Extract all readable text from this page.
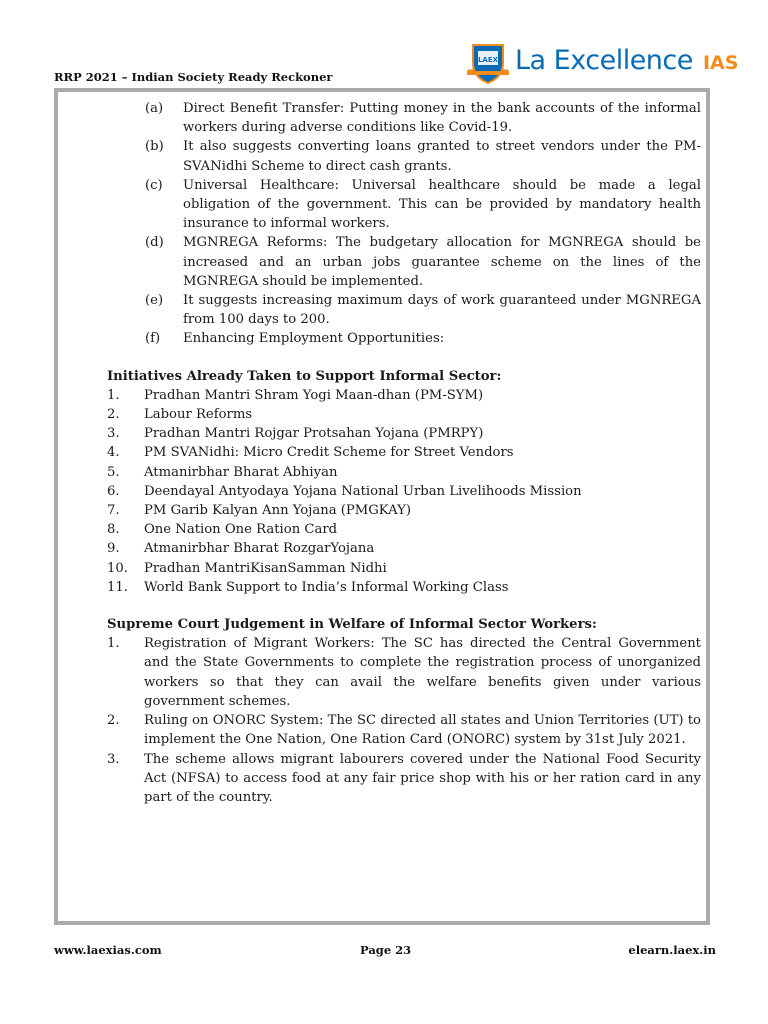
RRP 2021 – Indian Society Ready Reckoner
LAEX La Excellence IAS
(a)	Direct Benefit Transfer: Putting money in the bank accounts of the informal workers during adverse conditions like Covid-19.
(b)	It also suggests converting loans granted to street vendors under the PM-SVANidhi Scheme to direct cash grants.
(c)	Universal Healthcare: Universal healthcare should be made a legal obligation of the government. This can be provided by mandatory health insurance to informal workers.
(d)	MGNREGA Reforms: The budgetary allocation for MGNREGA should be increased and an urban jobs guarantee scheme on the lines of the MGNREGA should be implemented.
(e)	It suggests increasing maximum days of work guaranteed under MGNREGA from 100 days to 200.
(f)	Enhancing Employment Opportunities:
Initiatives Already Taken to Support Informal Sector:
1.	Pradhan Mantri Shram Yogi Maan-dhan (PM-SYM)
2.	Labour Reforms
3.	Pradhan Mantri Rojgar Protsahan Yojana (PMRPY)
4.	PM SVANidhi: Micro Credit Scheme for Street Vendors
5.	Atmanirbhar Bharat Abhiyan
6.	Deendayal Antyodaya Yojana National Urban Livelihoods Mission
7.	PM Garib Kalyan Ann Yojana (PMGKAY)
8.	One Nation One Ration Card
9.	Atmanirbhar Bharat RozgarYojana
10.	Pradhan MantriKisanSamman Nidhi
11.	World Bank Support to India’s Informal Working Class
Supreme Court Judgement in Welfare of Informal Sector Workers:
1.	Registration of Migrant Workers: The SC has directed the Central Government and the State Governments to complete the registration process of unorganized workers so that they can avail the welfare benefits given under various government schemes.
2.	Ruling on ONORC System: The SC directed all states and Union Territories (UT) to implement the One Nation, One Ration Card (ONORC) system by 31st July 2021.
3.	The scheme allows migrant labourers covered under the National Food Security Act (NFSA) to access food at any fair price shop with his or her ration card in any part of the country.
www.laexias.com	Page 23	elearn.laex.in
